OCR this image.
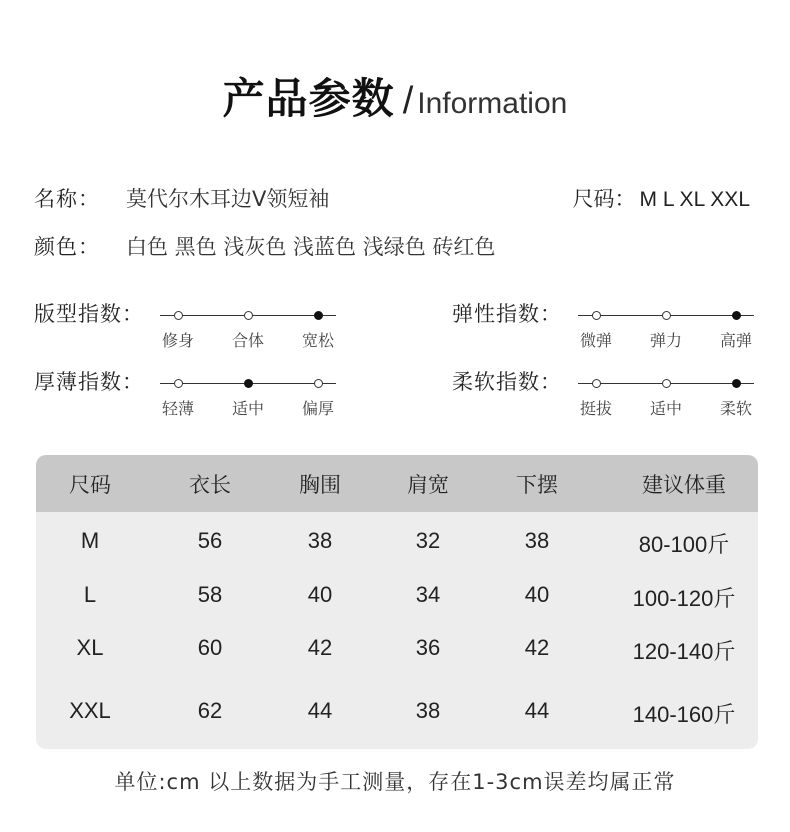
产品参数 / Information
名称： 莫代尔木耳边V领短袖	尺码： M L XL XXL
颜色： 白色 黑色 浅灰色 浅蓝色 浅绿色 砖红色
版型指数：
修身	合体	宽松
弹性指数：
微弹	弹力	高弹
厚薄指数：
轻薄	适中	偏厚
柔软指数：
挺拔	适中	柔软
尺码	衣长	胸围	肩宽	下摆	建议体重
M	56	38	32	38	80-100斤
L	58	40	34	40	100-120斤
XL	60	42	36	42	120-140斤
XXL	62	44	38	44	140-160斤
单位:cm 以上数据为手工测量，存在1-3cm误差均属正常
